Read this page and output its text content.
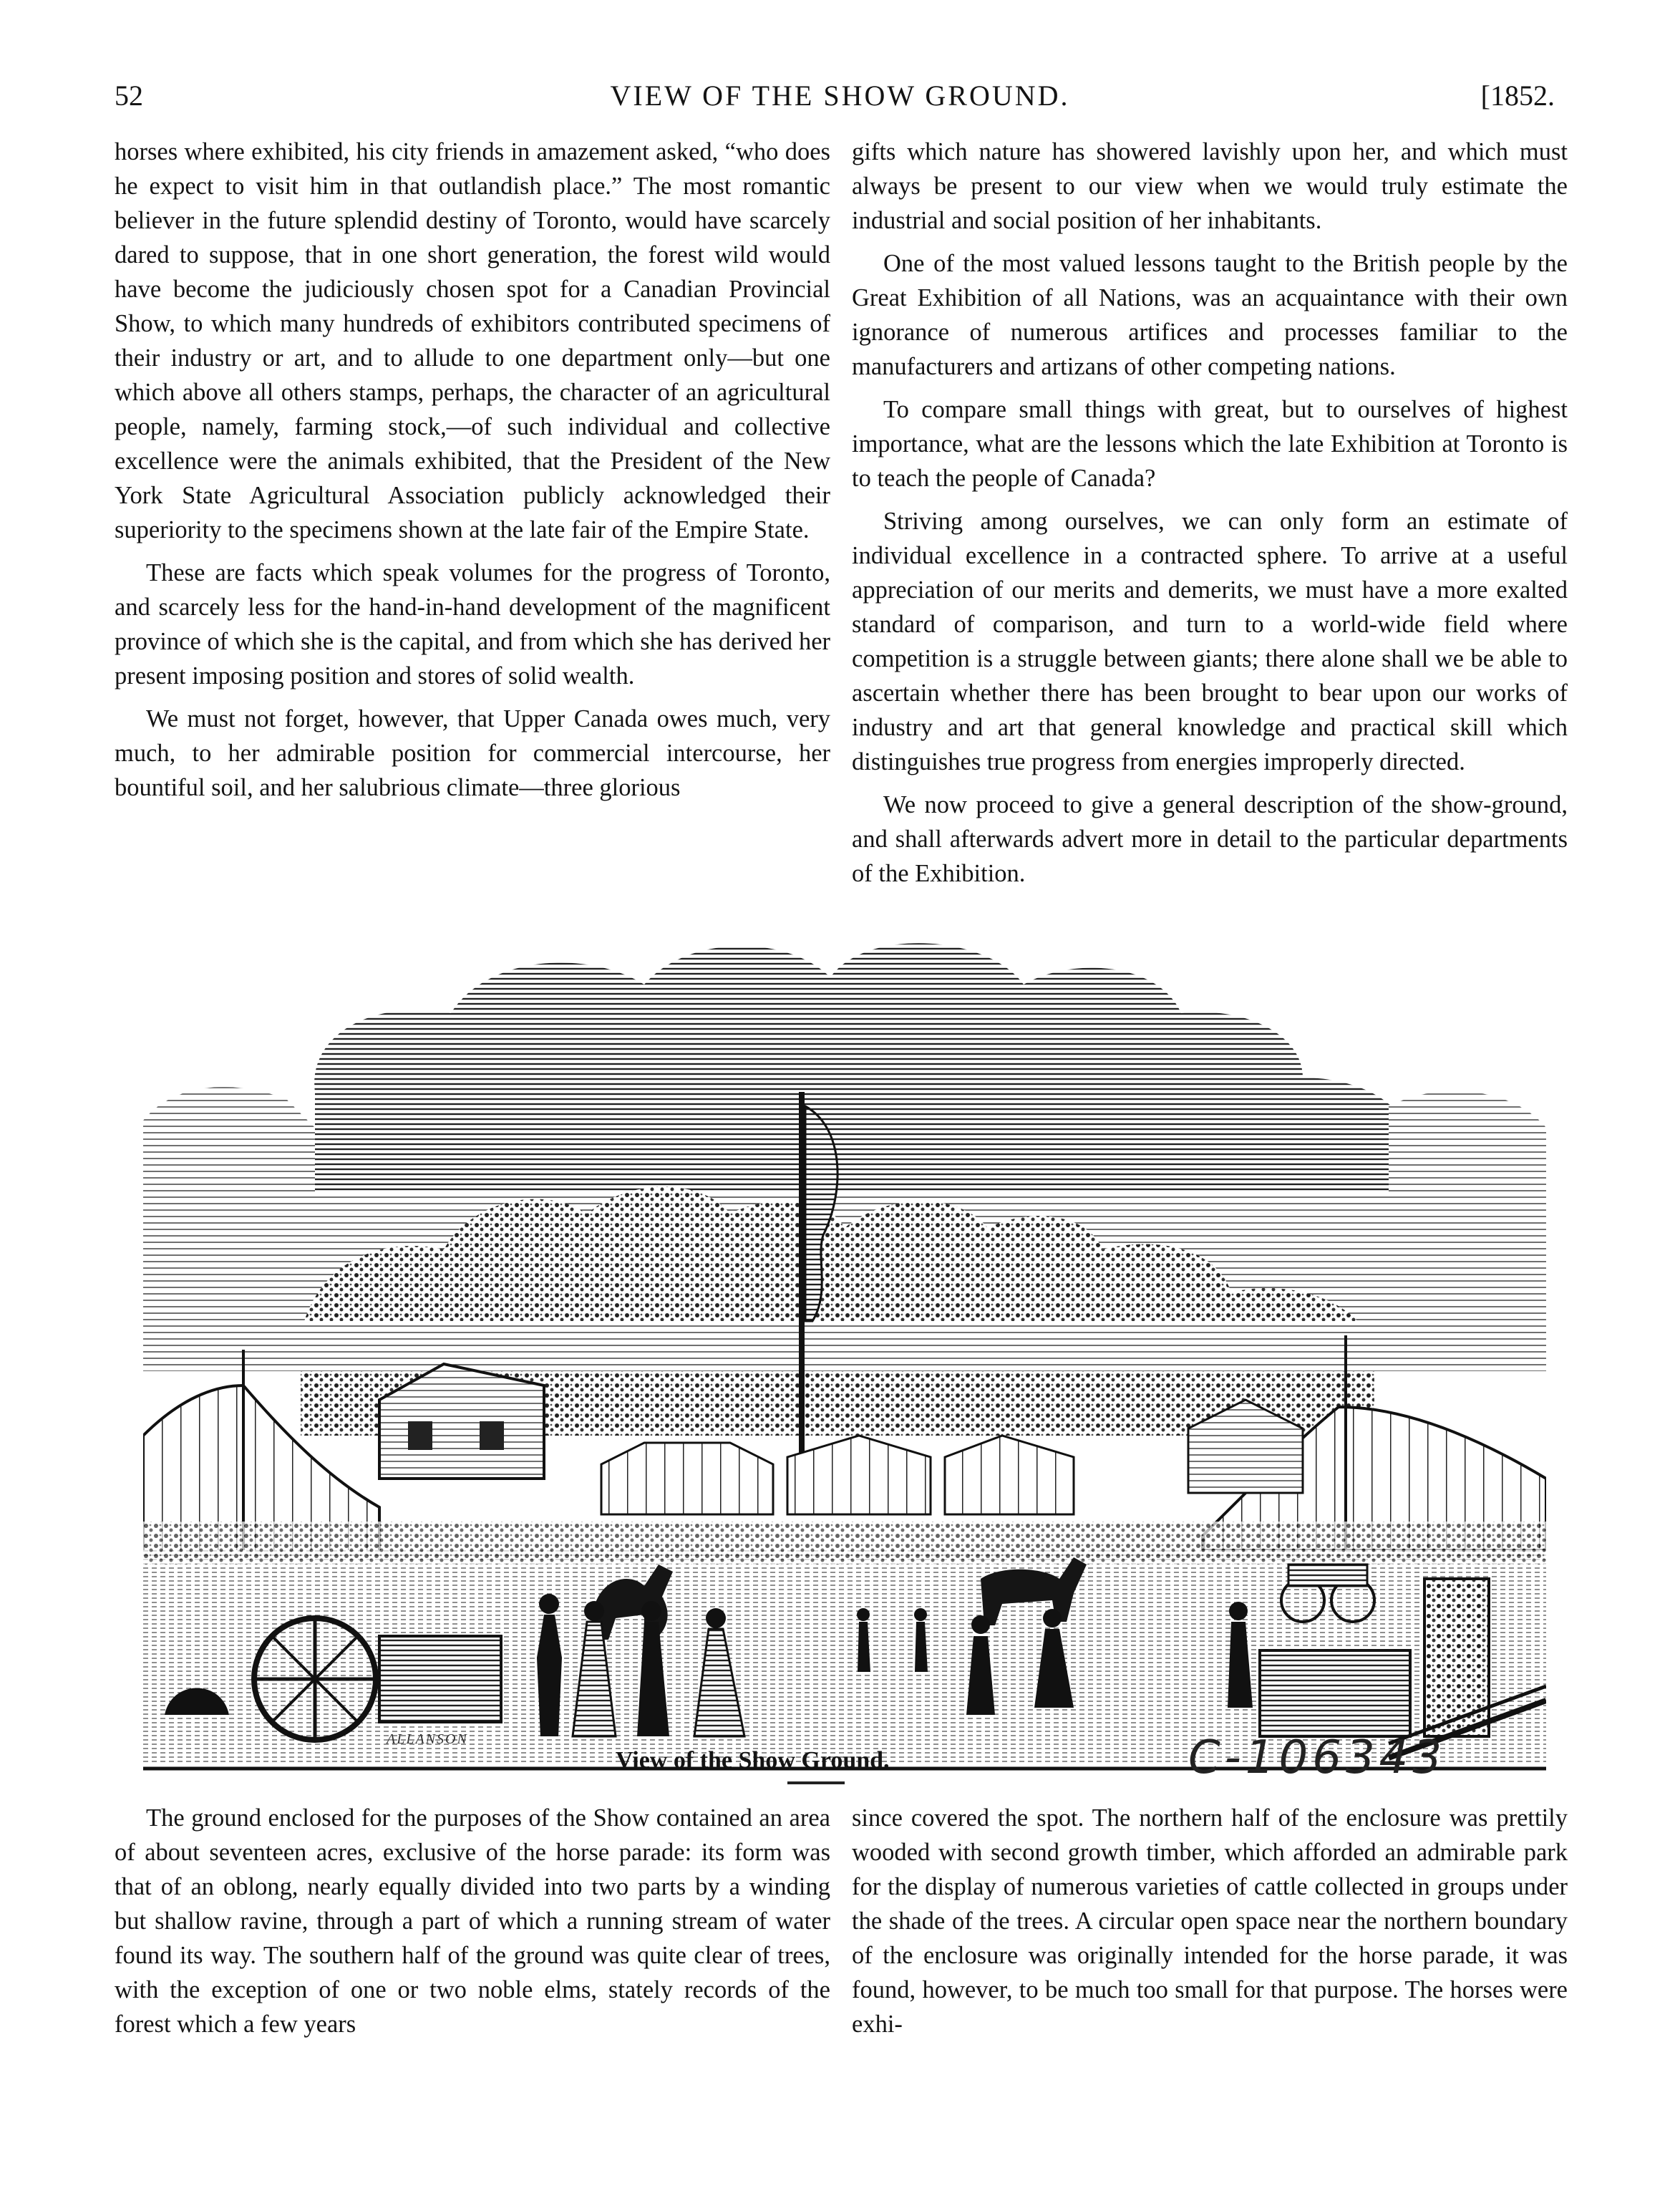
52	VIEW OF THE SHOW GROUND.	[1852.

horses where exhibited, his city friends in amazement asked, “who does he expect to visit him in that outlandish place.” The most romantic believer in the future splendid destiny of Toronto, would have scarcely dared to suppose, that in one short generation, the forest wild would have become the judiciously chosen spot for a Canadian Provincial Show, to which many hundreds of exhibitors contributed specimens of their industry or art, and to allude to one department only—but one which above all others stamps, perhaps, the character of an agricultural people, namely, farming stock,—of such individual and collective excellence were the animals exhibited, that the President of the New York State Agricultural Association publicly acknowledged their superiority to the specimens shown at the late fair of the Empire State.

These are facts which speak volumes for the progress of Toronto, and scarcely less for the hand-in-hand development of the magnificent province of which she is the capital, and from which she has derived her present imposing position and stores of solid wealth.

We must not forget, however, that Upper Canada owes much, very much, to her admirable position for commercial intercourse, her bountiful soil, and her salubrious climate—three glorious

gifts which nature has showered lavishly upon her, and which must always be present to our view when we would truly estimate the industrial and social position of her inhabitants.

One of the most valued lessons taught to the British people by the Great Exhibition of all Nations, was an acquaintance with their own ignorance of numerous artifices and processes familiar to the manufacturers and artizans of other competing nations.

To compare small things with great, but to ourselves of highest importance, what are the lessons which the late Exhibition at Toronto is to teach the people of Canada?

Striving among ourselves, we can only form an estimate of individual excellence in a contracted sphere. To arrive at a useful appreciation of our merits and demerits, we must have a more exalted standard of comparison, and turn to a world-wide field where competition is a struggle between giants; there alone shall we be able to ascertain whether there has been brought to bear upon our works of industry and art that general knowledge and practical skill which distinguishes true progress from energies improperly directed.

We now proceed to give a general description of the show-ground, and shall afterwards advert more in detail to the particular departments of the Exhibition.

ALLANSON
View of the Show Ground.	C-106343

The ground enclosed for the purposes of the Show contained an area of about seventeen acres, exclusive of the horse parade: its form was that of an oblong, nearly equally divided into two parts by a winding but shallow ravine, through a part of which a running stream of water found its way. The southern half of the ground was quite clear of trees, with the exception of one or two noble elms, stately records of the forest which a few years

since covered the spot. The northern half of the enclosure was prettily wooded with second growth timber, which afforded an admirable park for the display of numerous varieties of cattle collected in groups under the shade of the trees. A circular open space near the northern boundary of the enclosure was originally intended for the horse parade, it was found, however, to be much too small for that purpose. The horses were exhi-
